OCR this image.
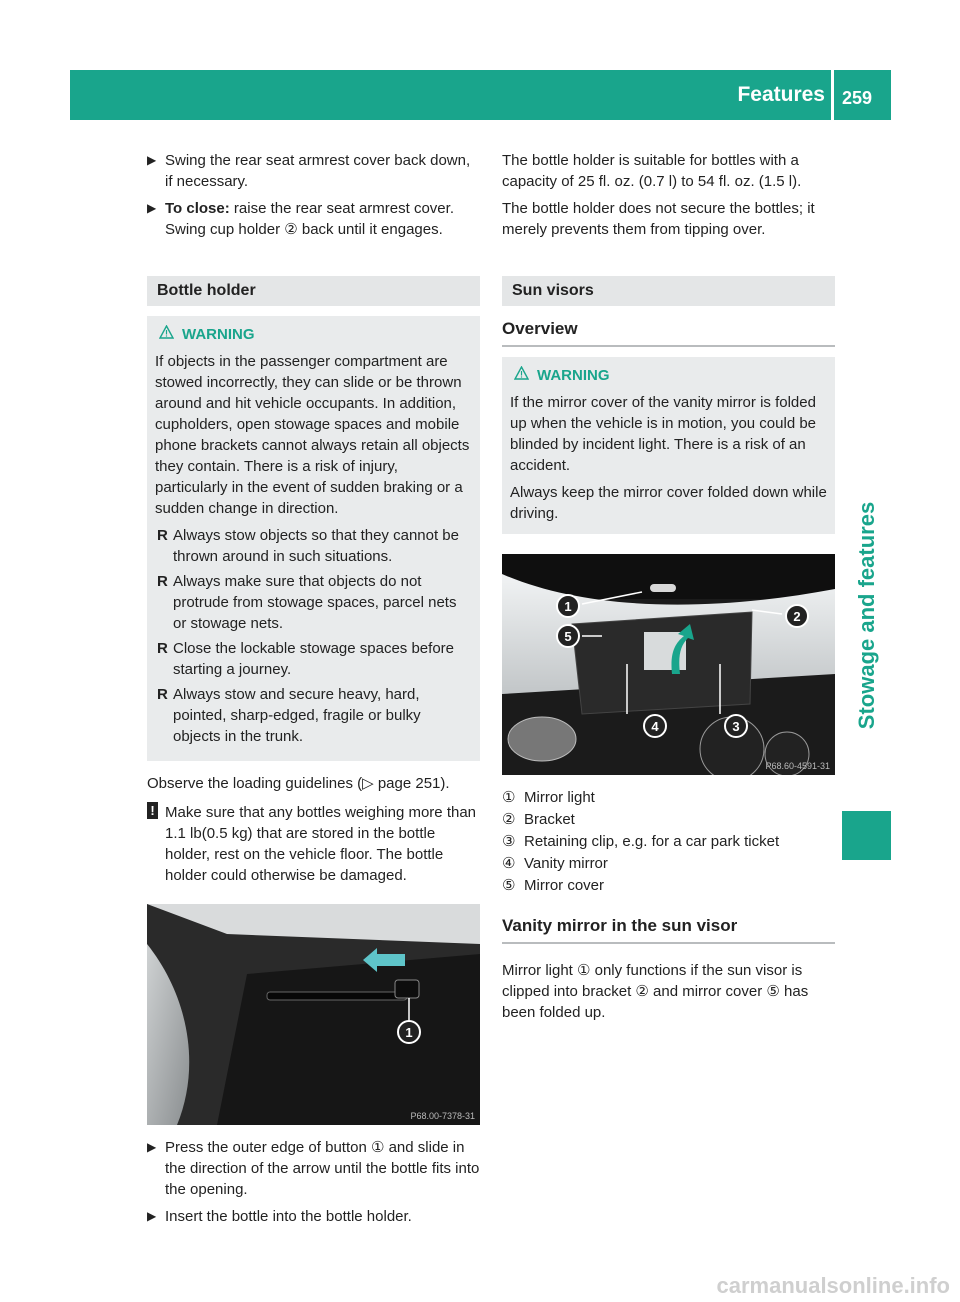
Features 259
Stowage and features
▶ Swing the rear seat armrest cover back down, if necessary.
▶ To close: raise the rear seat armrest cover. Swing cup holder ② back until it engages.
Bottle holder
WARNING

If objects in the passenger compartment are stowed incorrectly, they can slide or be thrown around and hit vehicle occupants. In addition, cupholders, open stowage spaces and mobile phone brackets cannot always retain all objects they contain. There is a risk of injury, particularly in the event of sudden braking or a sudden change in direction.

R Always stow objects so that they cannot be thrown around in such situations.
R Always make sure that objects do not protrude from stowage spaces, parcel nets or stowage nets.
R Close the lockable stowage spaces before starting a journey.
R Always stow and secure heavy, hard, pointed, sharp-edged, fragile or bulky objects in the trunk.
Observe the loading guidelines (▷ page 251).
! Make sure that any bottles weighing more than 1.1 lb(0.5 kg) that are stored in the bottle holder, rest on the vehicle floor. The bottle holder could otherwise be damaged.
1
P68.00-7378-31
▶ Press the outer edge of button ① and slide in the direction of the arrow until the bottle fits into the opening.
▶ Insert the bottle into the bottle holder.

The bottle holder is suitable for bottles with a capacity of 25 fl. oz. (0.7 l) to 54 fl. oz. (1.5 l).

The bottle holder does not secure the bottles; it merely prevents them from tipping over.

Sun visors
Overview
WARNING

If the mirror cover of the vanity mirror is folded up when the vehicle is in motion, you could be blinded by incident light. There is a risk of an accident.

Always keep the mirror cover folded down while driving.

1
2
3
4
5
P68.60-4591-31
① Mirror light
② Bracket
③ Retaining clip, e.g. for a car park ticket
④ Vanity mirror
⑤ Mirror cover
Vanity mirror in the sun visor

Mirror light ① only functions if the sun visor is clipped into bracket ② and mirror cover ⑤ has been folded up.

carmanualsonline.info
